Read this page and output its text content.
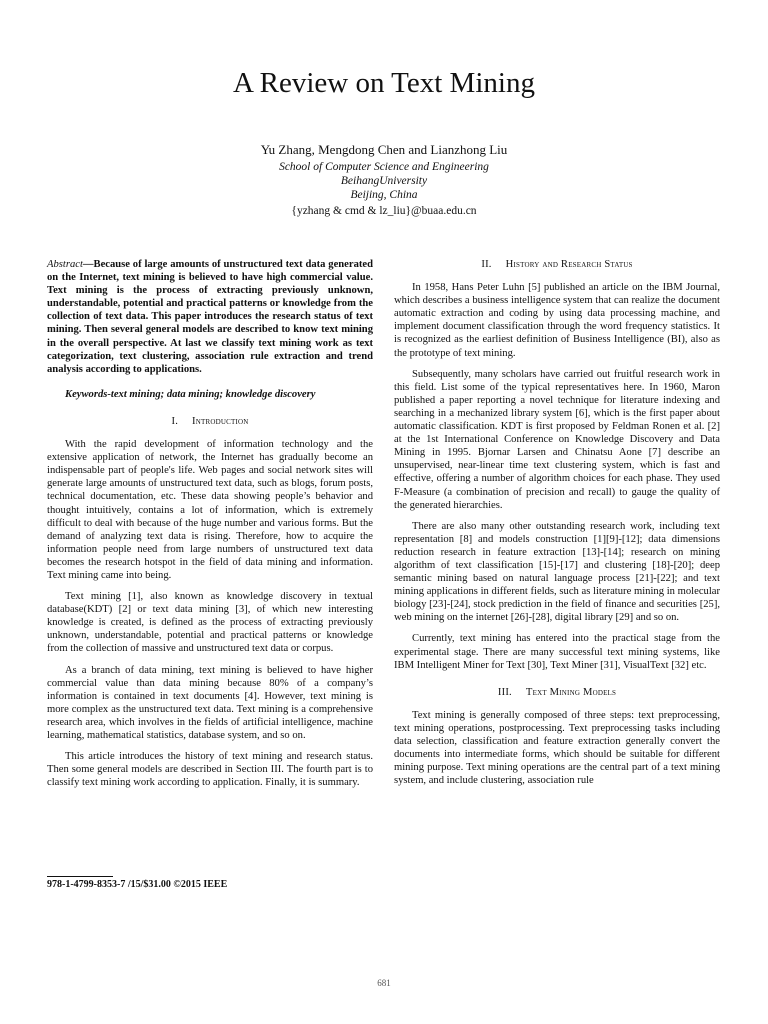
A Review on Text Mining
Yu Zhang, Mengdong Chen and Lianzhong Liu
School of Computer Science and Engineering
BeihangUniversity
Beijing, China
{yzhang & cmd & lz_liu}@buaa.edu.cn
Abstract—Because of large amounts of unstructured text data generated on the Internet, text mining is believed to have high commercial value. Text mining is the process of extracting previously unknown, understandable, potential and practical patterns or knowledge from the collection of text data. This paper introduces the research status of text mining. Then several general models are described to know text mining in the overall perspective. At last we classify text mining work as text categorization, text clustering, association rule extraction and trend analysis according to applications.
Keywords-text mining; data mining; knowledge discovery
I. Introduction

With the rapid development of information technology and the extensive application of network, the Internet has gradually become an indispensable part of people's life. Web pages and social network sites will generate large amounts of unstructured text data, such as blogs, forum posts, technical documentation, etc. These data showing people’s behavior and thought intuitively, contains a lot of information, which is extremely difficult to deal with because of the huge number and various forms. But the demand of analyzing text data is rising. Therefore, how to acquire the information people need from large numbers of unstructured text data becomes the research hotspot in the field of data mining and information. Text mining came into being.

Text mining [1], also known as knowledge discovery in textual database(KDT) [2] or text data mining [3], of which new interesting knowledge is created, is defined as the process of extracting previously unknown, understandable, potential and practical patterns or knowledge from the collection of massive and unstructured text data or corpus.

As a branch of data mining, text mining is believed to have higher commercial value than data mining because 80% of a company’s information is contained in text documents [4]. However, text mining is more complex as the unstructured text data. Text mining is a comprehensive research area, which involves in the fields of artificial intelligence, machine learning, mathematical statistics, database system, and so on.

This article introduces the history of text mining and research status. Then some general models are described in Section III. The fourth part is to classify text mining work according to application. Finally, it is summary.

II. History and Research Status

In 1958, Hans Peter Luhn [5] published an article on the IBM Journal, which describes a business intelligence system that can realize the document automatic extraction and coding by using data processing machine, and implement document classification through the word frequency statistics. It is recognized as the earliest definition of Business Intelligence (BI), also as the prototype of text mining.

Subsequently, many scholars have carried out fruitful research work in this field. List some of the typical representatives here. In 1960, Maron published a paper reporting a novel technique for literature indexing and searching in a mechanized library system [6], which is the first paper about automatic classification. KDT is first proposed by Feldman Ronen et al. [2] at the 1st International Conference on Knowledge Discovery and Data Mining in 1995. Bjornar Larsen and Chinatsu Aone [7] describe an unsupervised, near-linear time text clustering system, which is fast and effective, offering a number of algorithm choices for each phase. They used F-Measure (a combination of precision and recall) to gauge the quality of the generated hierarchies.

There are also many other outstanding research work, including text representation [8] and models construction [1][9]-[12]; data dimensions reduction research in feature extraction [13]-[14]; research on mining algorithm of text classification [15]-[17] and clustering [18]-[20]; deep semantic mining based on natural language process [21]-[22]; and text mining applications in different fields, such as literature mining in molecular biology [23]-[24], stock prediction in the field of finance and securities [25], web mining on the internet [26]-[28], digital library [29] and so on.

Currently, text mining has entered into the practical stage from the experimental stage. There are many successful text mining systems, like IBM Intelligent Miner for Text [30], Text Miner [31], VisualText [32] etc.

III. Text Mining Models

Text mining is generally composed of three steps: text preprocessing, text mining operations, postprocessing. Text preprocessing tasks including data selection, classification and feature extraction generally convert the documents into intermediate forms, which should be suitable for different mining purpose. Text mining operations are the central part of a text mining system, and include clustering, association rule

978-1-4799-8353-7 /15/$31.00 ©2015 IEEE
681
